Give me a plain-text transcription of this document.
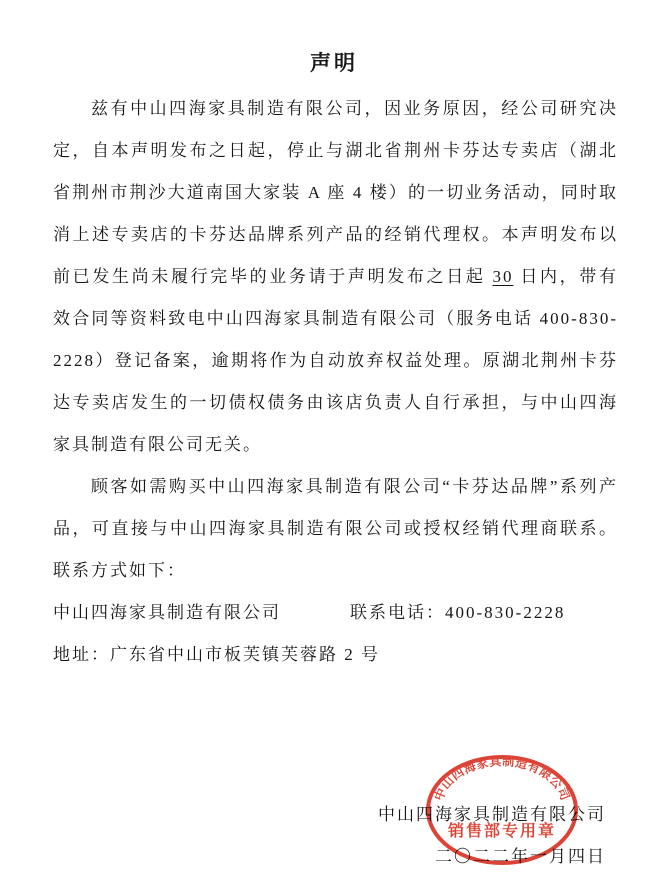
声明

兹有中山四海家具制造有限公司，因业务原因，经公司研究决定，自本声明发布之日起，停止与湖北省荆州卡芬达专卖店（湖北省荆州市荆沙大道南国大家装 A 座 4 楼）的一切业务活动，同时取消上述专卖店的卡芬达品牌系列产品的经销代理权。本声明发布以前已发生尚未履行完毕的业务请于声明发布之日起 30 日内，带有效合同等资料致电中山四海家具制造有限公司（服务电话 400-830-2228）登记备案，逾期将作为自动放弃权益处理。原湖北荆州卡芬达专卖店发生的一切债权债务由该店负责人自行承担，与中山四海家具制造有限公司无关。

顾客如需购买中山四海家具制造有限公司“卡芬达品牌”系列产品，可直接与中山四海家具制造有限公司或授权经销代理商联系。联系方式如下：

中山四海家具制造有限公司	联系电话：400-830-2228
地址：广东省中山市板芙镇芙蓉路 2 号
中山四海家具制造有限公司
二〇二二年一月四日
中山四海家具制造有限公司
销售部专用章
